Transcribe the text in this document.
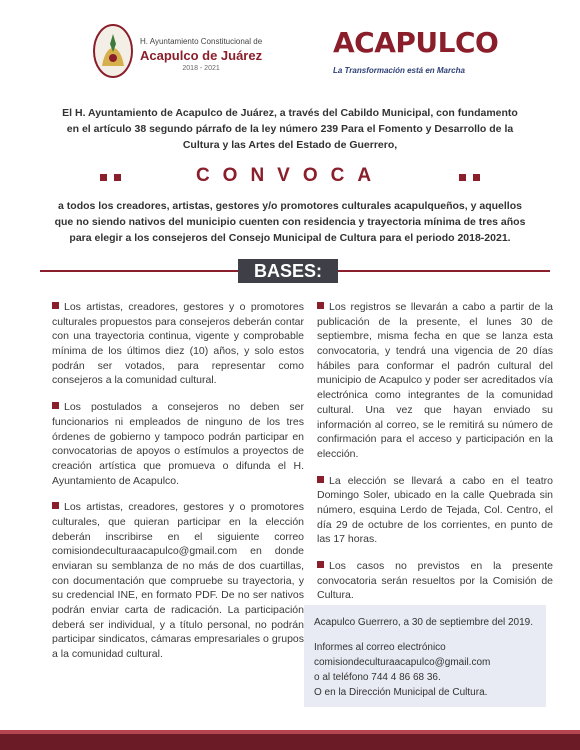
H. Ayuntamiento Constitucional de
Acapulco de Juárez
2018 - 2021
ACAPULCO
La Transformación está en Marcha
El H. Ayuntamiento de Acapulco de Juárez, a través del Cabildo Municipal, con fundamento en el artículo 38 segundo párrafo de la ley número 239 Para el Fomento y Desarrollo de la Cultura y las Artes del Estado de Guerrero,
CONVOCA
a todos los creadores, artistas, gestores y/o promotores culturales acapulqueños, y aquellos que no siendo nativos del municipio cuenten con residencia y trayectoria mínima de tres años para elegir a los consejeros del Consejo Municipal de Cultura para el periodo 2018-2021.
BASES:

Los artistas, creadores, gestores y o promotores culturales propuestos para consejeros deberán contar con una trayectoria continua, vigente y comprobable mínima de los últimos diez (10) años, y solo estos podrán ser votados, para representar como consejeros a la comunidad cultural.

Los postulados a consejeros no deben ser funcionarios ni empleados de ninguno de los tres órdenes de gobierno y tampoco podrán participar en convocatorias de apoyos o estímulos a proyectos de creación artística que promueva o difunda el H. Ayuntamiento de Acapulco.

Los artistas, creadores, gestores y o promotores culturales, que quieran participar en la elección deberán inscribirse en el siguiente correo comisiondeculturaacapulco@gmail.com en donde enviaran su semblanza de no más de dos cuartillas, con documentación que compruebe su trayectoria, y su credencial INE, en formato PDF. De no ser nativos podrán enviar carta de radicación. La participación deberá ser individual, y a título personal, no podrán participar sindicatos, cámaras empresariales o grupos a la comunidad cultural.

Los registros se llevarán a cabo a partir de la publicación de la presente, el lunes 30 de septiembre, misma fecha en que se lanza esta convocatoria, y tendrá una vigencia de 20 días hábiles para conformar el padrón cultural del municipio de Acapulco y poder ser acreditados vía electrónica como integrantes de la comunidad cultural. Una vez que hayan enviado su información al correo, se le remitirá su número de confirmación para el acceso y participación en la elección.

La elección se llevará a cabo en el teatro Domingo Soler, ubicado en la calle Quebrada sin número, esquina Lerdo de Tejada, Col. Centro, el día 29 de octubre de los corrientes, en punto de las 17 horas.

Los casos no previstos en la presente convocatoria serán resueltos por la Comisión de Cultura.

Acapulco Guerrero, a 30 de septiembre del 2019.
Informes al correo electrónico
comisiondeculturaacapulco@gmail.com
o al teléfono 744 4 86 68 36.
O en la Dirección Municipal de Cultura.
